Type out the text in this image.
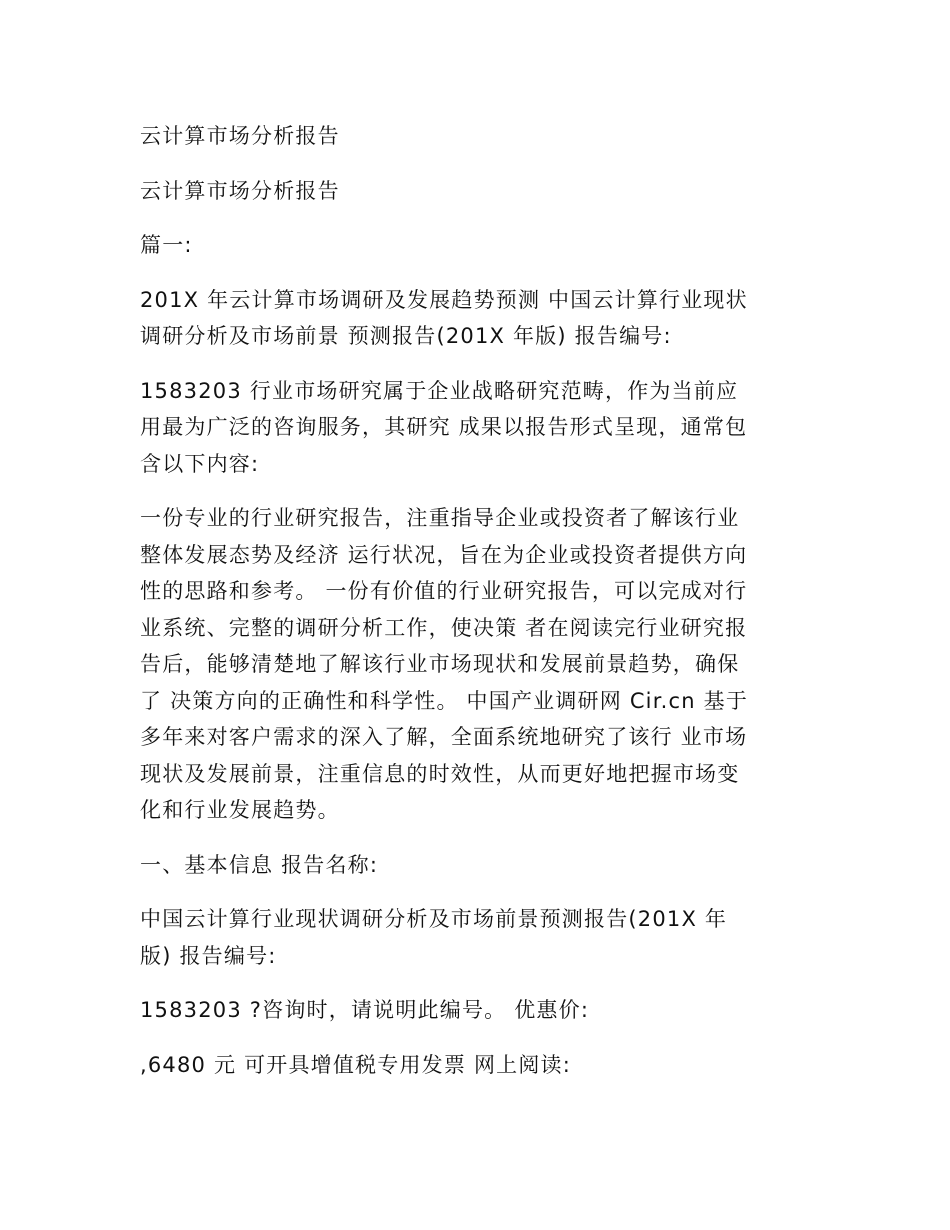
云计算市场分析报告

云计算市场分析报告

篇一:

201X 年云计算市场调研及发展趋势预测 中国云计算行业现状
调研分析及市场前景 预测报告(201X 年版) 报告编号:

1583203 行业市场研究属于企业战略研究范畴，作为当前应
用最为广泛的咨询服务，其研究 成果以报告形式呈现，通常包
含以下内容:

一份专业的行业研究报告，注重指导企业或投资者了解该行业
整体发展态势及经济 运行状况，旨在为企业或投资者提供方向
性的思路和参考。 一份有价值的行业研究报告，可以完成对行
业系统、完整的调研分析工作，使决策 者在阅读完行业研究报
告后，能够清楚地了解该行业市场现状和发展前景趋势，确保
了 决策方向的正确性和科学性。 中国产业调研网 Cir.cn 基于
多年来对客户需求的深入了解，全面系统地研究了该行 业市场
现状及发展前景，注重信息的时效性，从而更好地把握市场变
化和行业发展趋势。

一、基本信息 报告名称:

中国云计算行业现状调研分析及市场前景预测报告(201X 年
版) 报告编号:

1583203 ?咨询时，请说明此编号。 优惠价:

,6480 元 可开具增值税专用发票 网上阅读:
